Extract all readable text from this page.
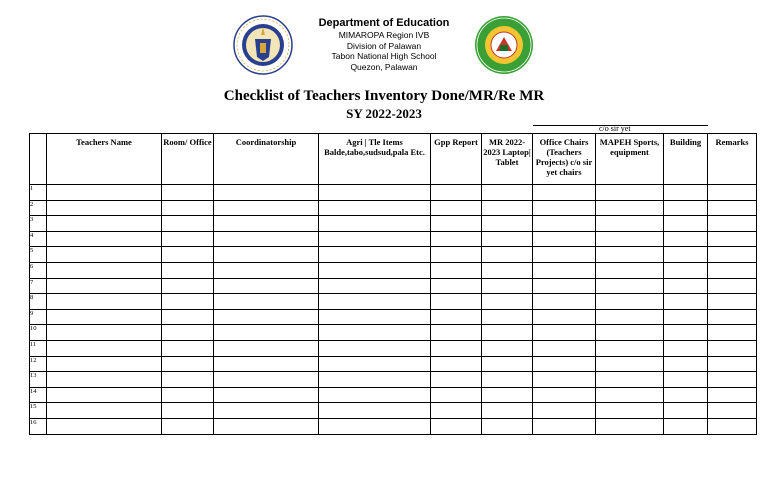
Department of Education
MIMAROPA Region IVB
Division of Palawan
Tabon National High School
Quezon, Palawan
Checklist of Teachers Inventory Done/MR/Re MR
SY 2022-2023
c/o sir yet
	Teachers Name	Room/ Office	Coordinatorship	Agri | Tle Items Balde,tabo,sudsud,pala Etc.	Gpp Report	MR 2022-2023 Laptop| Tablet	Office Chairs (Teachers Projects) c/o sir yet chairs	MAPEH Sports, equipment	Building	Remarks
1										
2										
3										
4										
5										
6										
7										
8										
9										
10										
11										
12										
13										
14										
15										
16										
